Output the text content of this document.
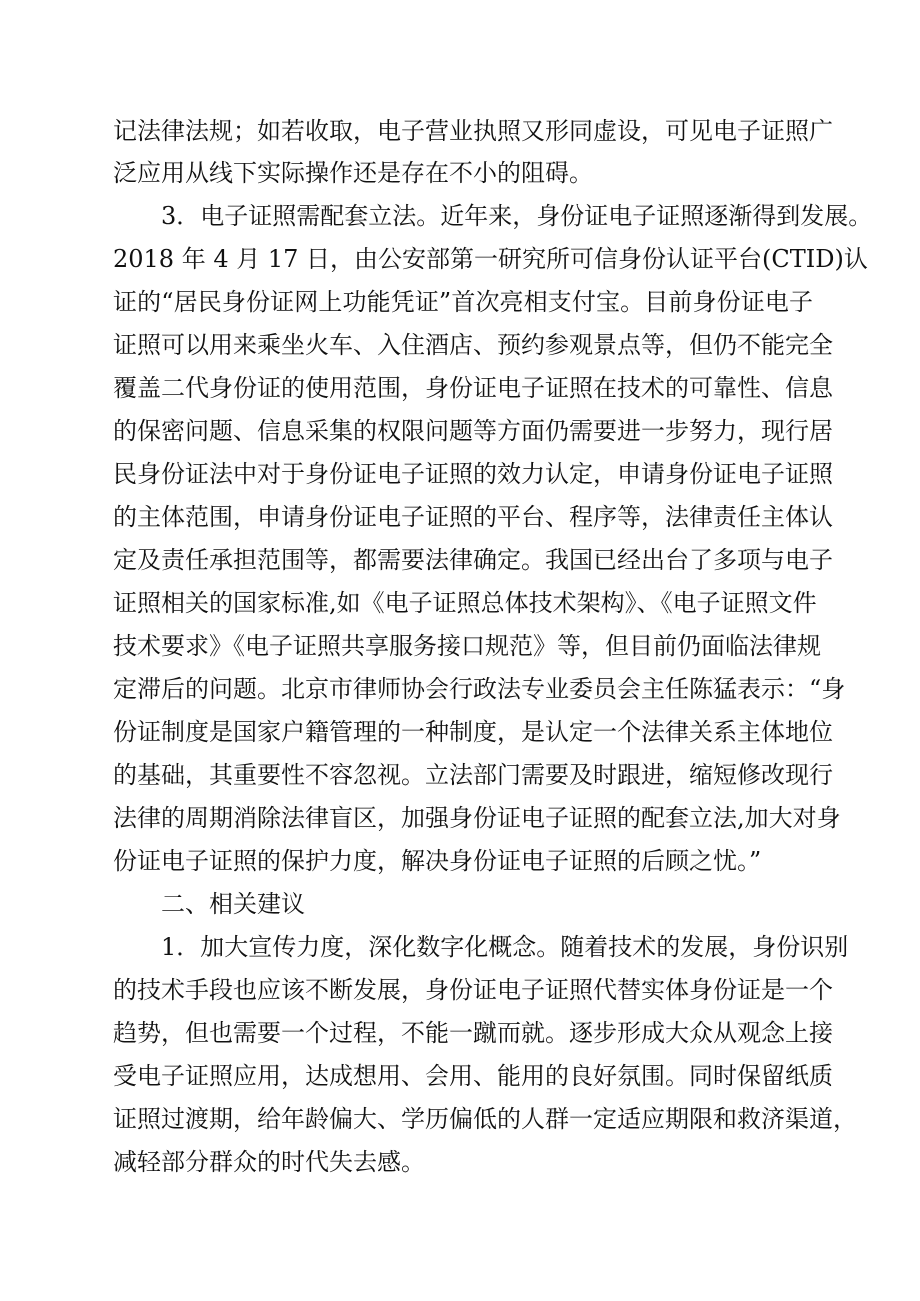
记法律法规；如若收取，电子营业执照又形同虚设，可见电子证照广
泛应用从线下实际操作还是存在不小的阻碍。
3．电子证照需配套立法。近年来，身份证电子证照逐渐得到发展。
2018 年 4 月 17 日，由公安部第一研究所可信身份认证平台(CTID)认
证的“居民身份证网上功能凭证”首次亮相支付宝。目前身份证电子
证照可以用来乘坐火车、入住酒店、预约参观景点等，但仍不能完全
覆盖二代身份证的使用范围，身份证电子证照在技术的可靠性、信息
的保密问题、信息采集的权限问题等方面仍需要进一步努力，现行居
民身份证法中对于身份证电子证照的效力认定，申请身份证电子证照
的主体范围，申请身份证电子证照的平台、程序等，法律责任主体认
定及责任承担范围等，都需要法律确定。我国已经出台了多项与电子
证照相关的国家标准,如《电子证照总体技术架构》、《电子证照文件
技术要求》《电子证照共享服务接口规范》等，但目前仍面临法律规
定滞后的问题。北京市律师协会行政法专业委员会主任陈猛表示：“身
份证制度是国家户籍管理的一种制度，是认定一个法律关系主体地位
的基础，其重要性不容忽视。立法部门需要及时跟进，缩短修改现行
法律的周期消除法律盲区，加强身份证电子证照的配套立法,加大对身
份证电子证照的保护力度，解决身份证电子证照的后顾之忧。”
二、相关建议
1．加大宣传力度，深化数字化概念。随着技术的发展，身份识别
的技术手段也应该不断发展，身份证电子证照代替实体身份证是一个
趋势，但也需要一个过程，不能一蹴而就。逐步形成大众从观念上接
受电子证照应用，达成想用、会用、能用的良好氛围。同时保留纸质
证照过渡期，给年龄偏大、学历偏低的人群一定适应期限和救济渠道，
减轻部分群众的时代失去感。
